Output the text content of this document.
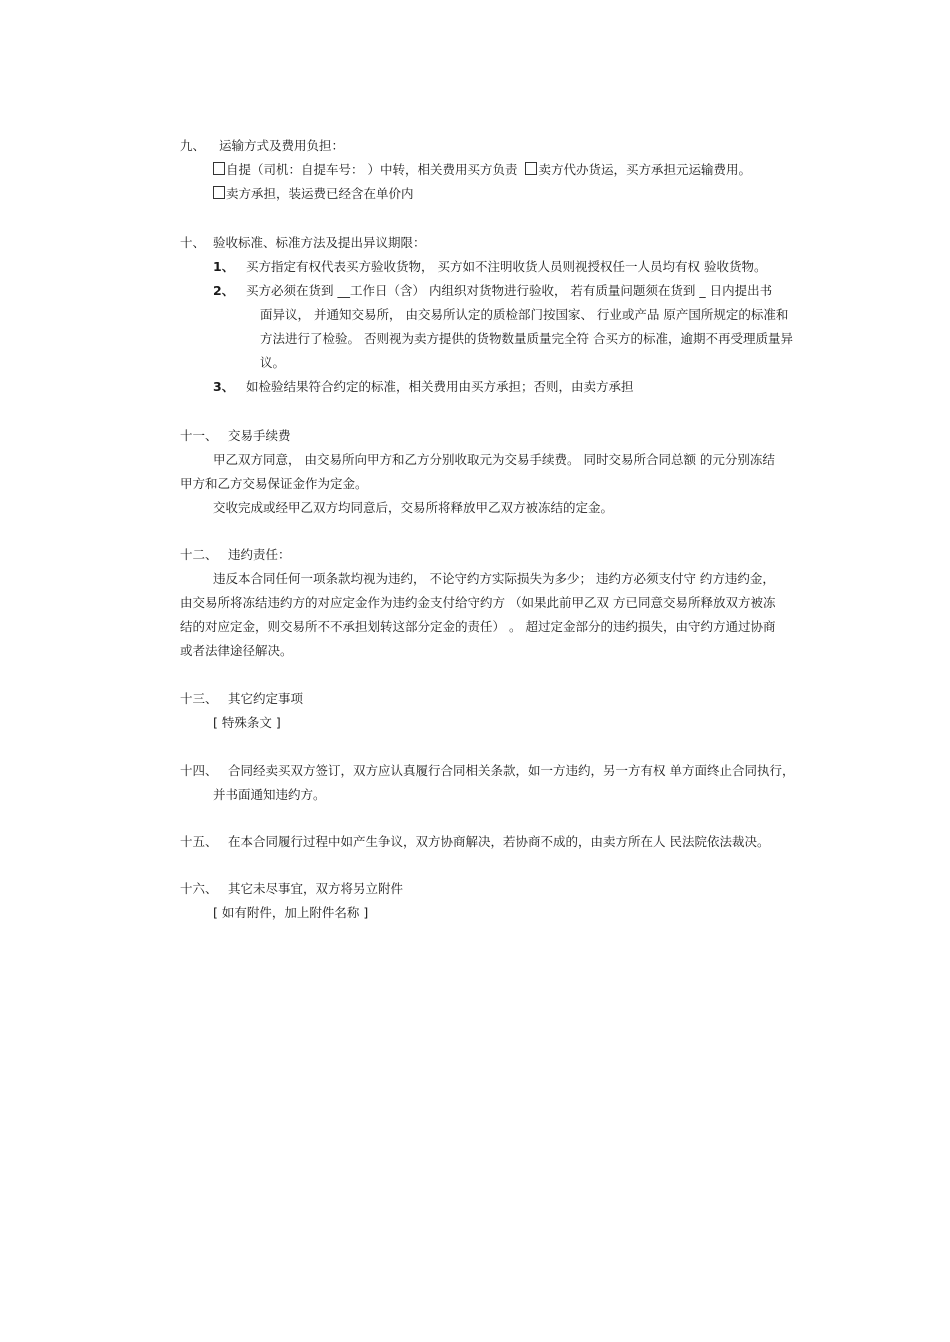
九、 运输方式及费用负担：
自提（司机：自提车号： ）中转，相关费用买方负责 卖方代办货运，买方承担元运输费用。
卖方承担，装运费已经含在单价内
十、 验收标准、标准方法及提出异议期限：
1、 买方指定有权代表买方验收货物， 买方如不注明收货人员则视授权任一人员均有权 验收货物。
2、 买方必须在货到 __工作日（含） 内组织对货物进行验收， 若有质量问题须在货到 _ 日内提出书
面异议， 并通知交易所， 由交易所认定的质检部门按国家、 行业或产品 原产国所规定的标准和
方法进行了检验。 否则视为卖方提供的货物数量质量完全符 合买方的标准，逾期不再受理质量异
议。
3、 如检验结果符合约定的标准，相关费用由买方承担；否则，由卖方承担
十一、 交易手续费
甲乙双方同意， 由交易所向甲方和乙方分别收取元为交易手续费。 同时交易所合同总额 的元分别冻结
甲方和乙方交易保证金作为定金。
交收完成或经甲乙双方均同意后，交易所将释放甲乙双方被冻结的定金。
十二、 违约责任：
违反本合同任何一项条款均视为违约， 不论守约方实际损失为多少； 违约方必须支付守 约方违约金，
由交易所将冻结违约方的对应定金作为违约金支付给守约方 （如果此前甲乙双 方已同意交易所释放双方被冻
结的对应定金，则交易所不不承担划转这部分定金的责任） 。 超过定金部分的违约损失，由守约方通过协商
或者法律途径解决。
十三、 其它约定事项
[ 特殊条文 ]
十四、 合同经卖买双方签订，双方应认真履行合同相关条款，如一方违约，另一方有权 单方面终止合同执行，
并书面通知违约方。
十五、 在本合同履行过程中如产生争议，双方协商解决，若协商不成的，由卖方所在人 民法院依法裁决。
十六、 其它未尽事宜，双方将另立附件
[ 如有附件，加上附件名称 ]
